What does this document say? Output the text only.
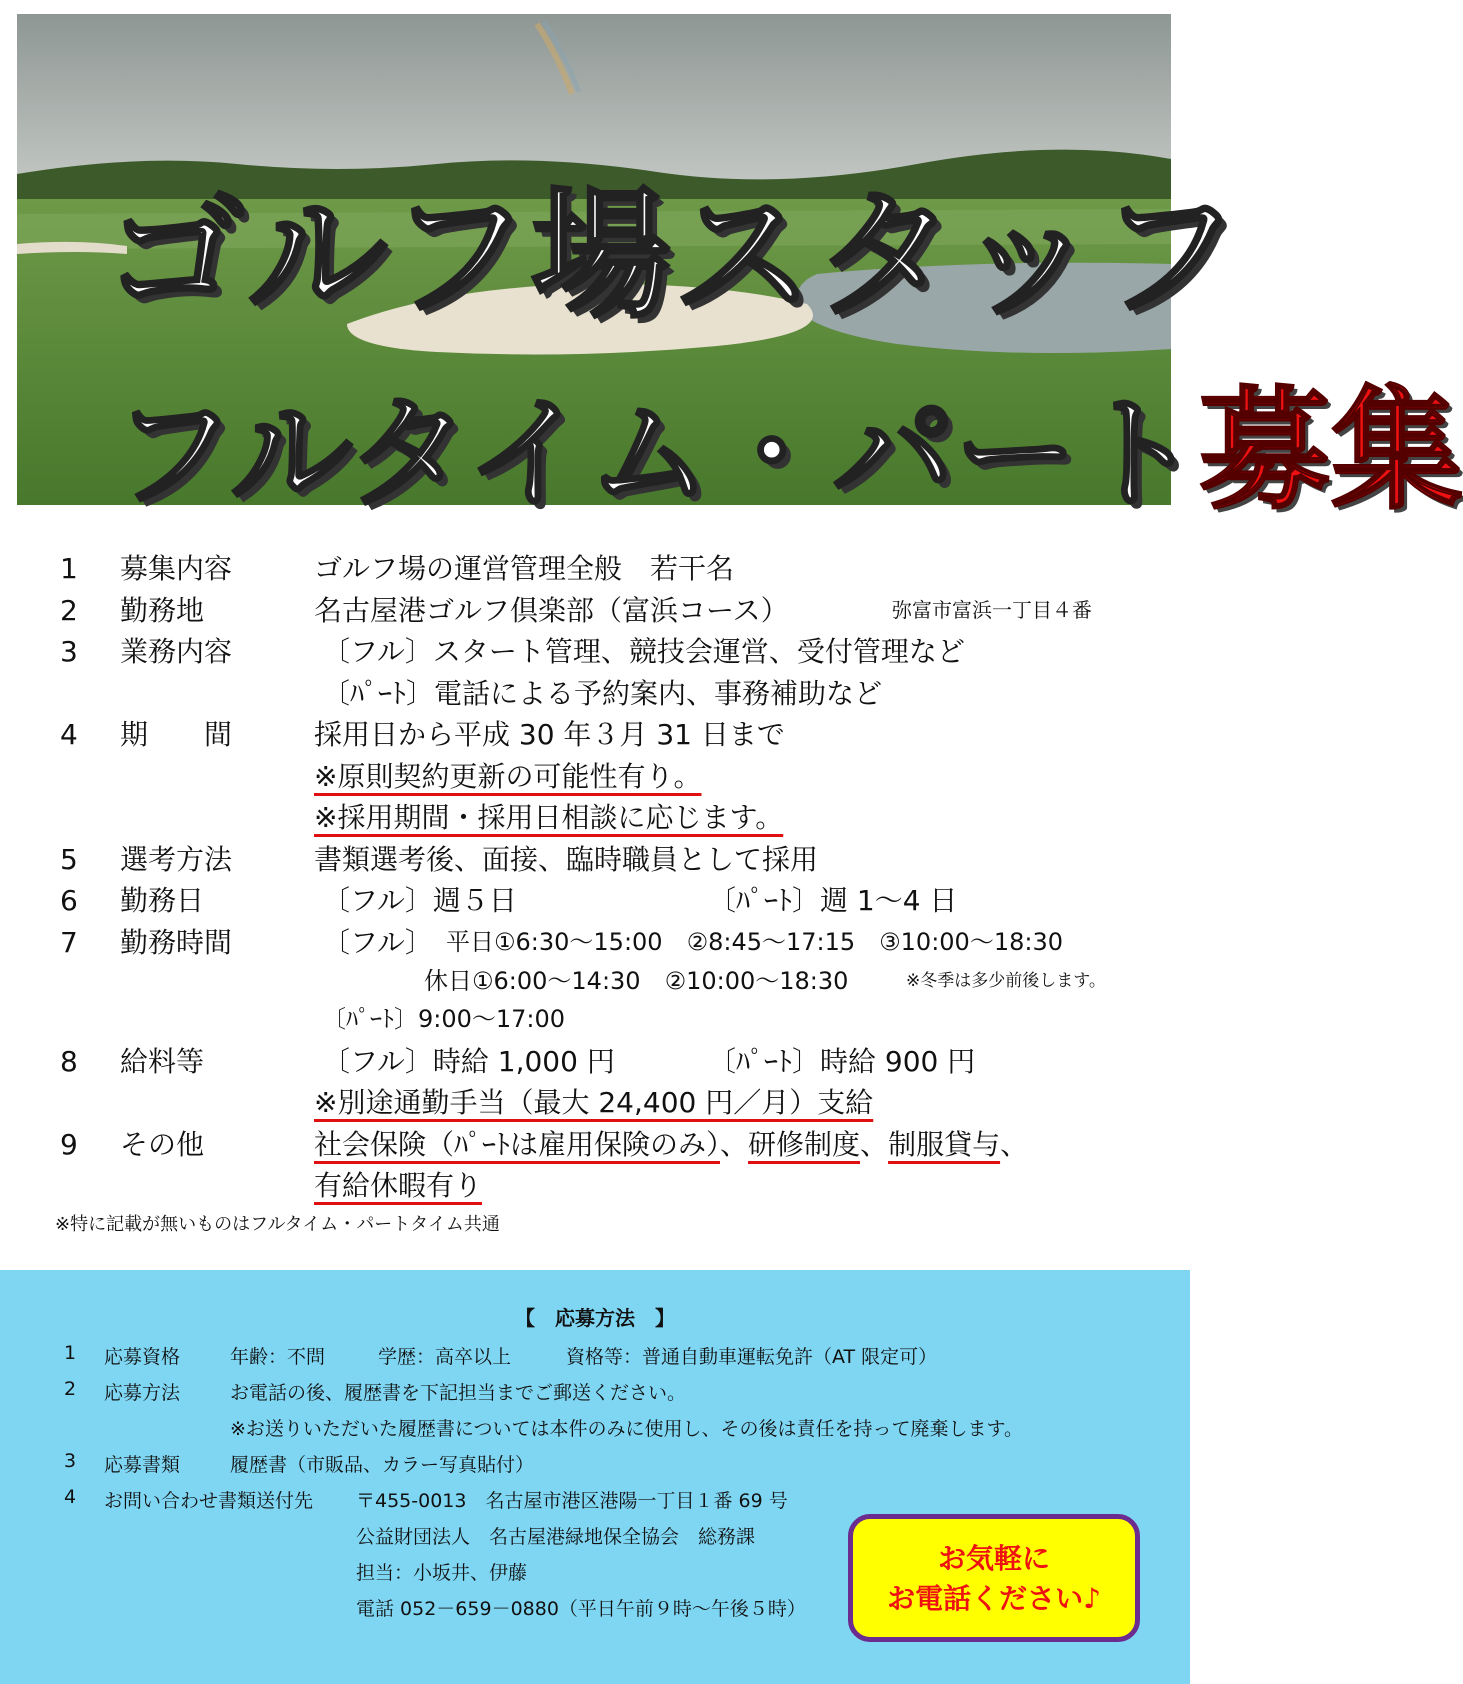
ゴルフ場スタッフ
フルタイム・パート募集
1	募集内容	ゴルフ場の運営管理全般　若干名
2	勤務地	名古屋港ゴルフ倶楽部（富浜コース）	弥富市富浜一丁目４番
3	業務内容	〔フル〕スタート管理、競技会運営、受付管理など
〔ﾊﾟｰﾄ〕電話による予約案内、事務補助など
4	期　　間	採用日から平成 30 年３月 31 日まで
※原則契約更新の可能性有り。
※採用期間・採用日相談に応じます。
5	選考方法	書類選考後、面接、臨時職員として採用
6	勤務日	〔フル〕週５日	〔ﾊﾟｰﾄ〕週 1～4 日
7	勤務時間	〔フル〕 平日①6:30～15:00　②8:45～17:15　③10:00～18:30
休日①6:00～14:30　②10:00～18:30	※冬季は多少前後します。
〔ﾊﾟｰﾄ〕9:00～17:00
8	給料等	〔フル〕時給 1,000 円	〔ﾊﾟｰﾄ〕時給 900 円
※別途通勤手当（最大 24,400 円／月）支給
9	その他	社会保険（ﾊﾟｰﾄは雇用保険のみ）、研修制度、制服貸与、
有給休暇有り
※特に記載が無いものはフルタイム・パートタイム共通
【　応募方法　】
1 応募資格	年齢：不問	学歴：高卒以上	資格等：普通自動車運転免許（AT 限定可）
2 応募方法	お電話の後、履歴書を下記担当までご郵送ください。
※お送りいただいた履歴書については本件のみに使用し、その後は責任を持って廃棄します。
3 応募書類	履歴書（市販品、カラー写真貼付）
4 お問い合わせ書類送付先 〒455-0013　名古屋市港区港陽一丁目１番 69 号
公益財団法人　名古屋港緑地保全協会　総務課
担当：小坂井、伊藤
電話 052－659－0880（平日午前９時～午後５時）
お気軽に
お電話ください♪
